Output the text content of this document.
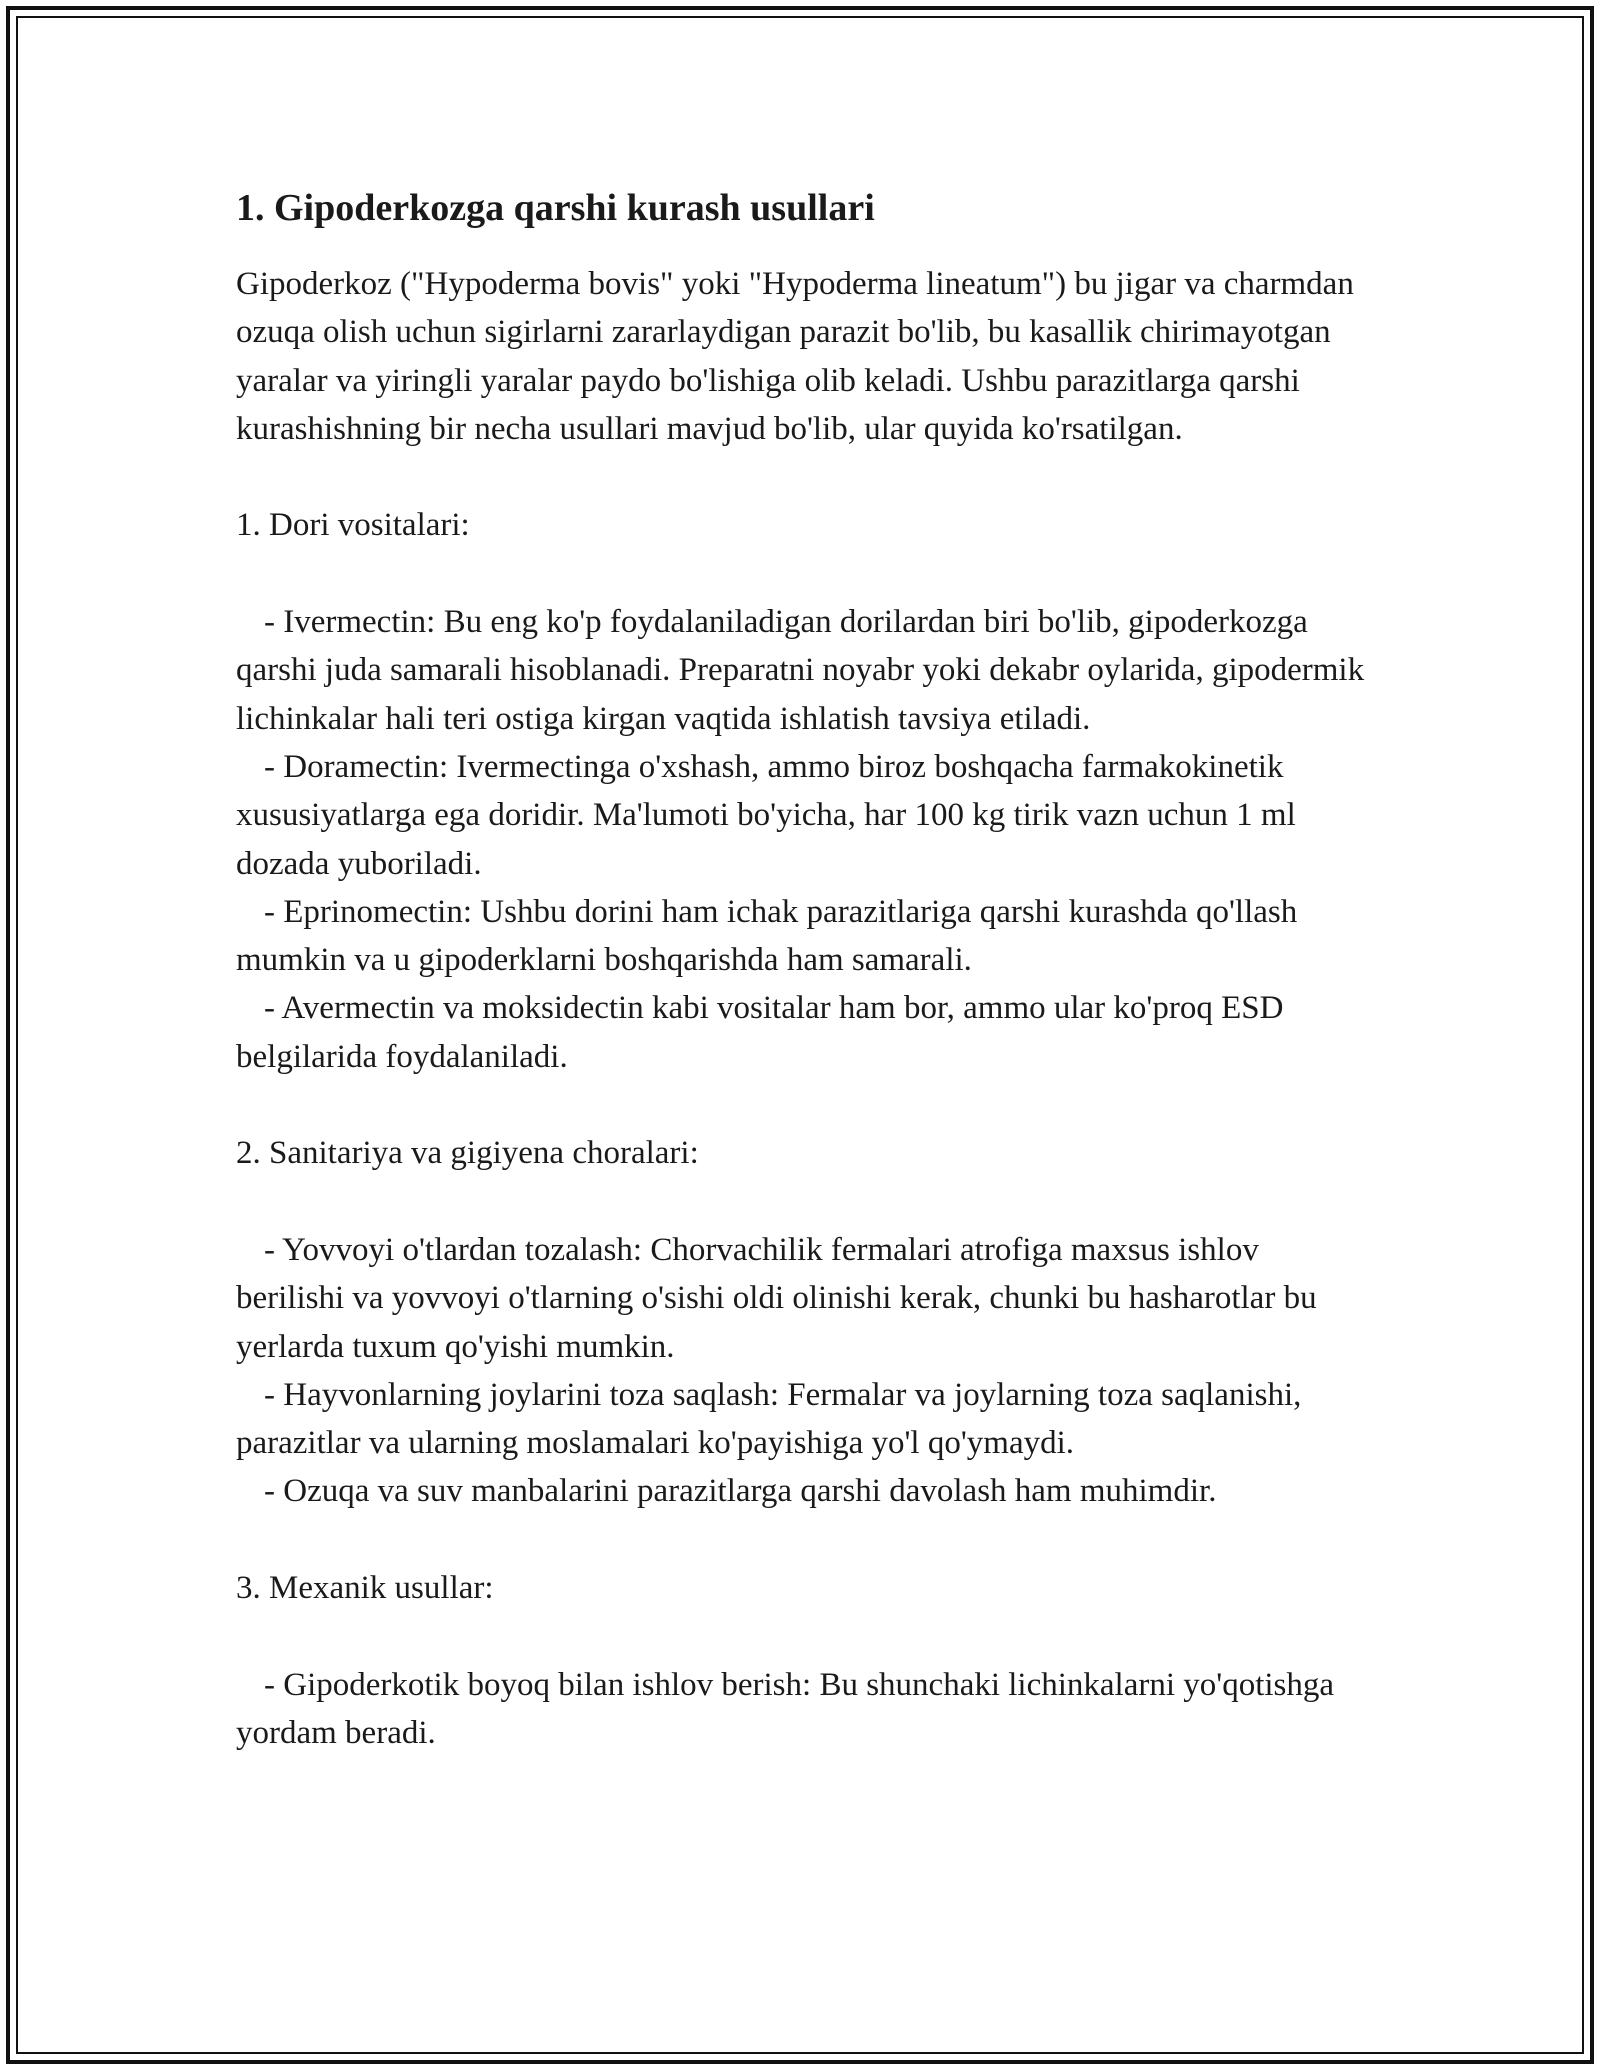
1. Gipoderkozga qarshi kurash usullari

Gipoderkoz ("Hypoderma bovis" yoki "Hypoderma lineatum") bu jigar va charmdan ozuqa olish uchun sigirlarni zararlaydigan parazit bo'lib, bu kasallik chirimayotgan yaralar va yiringli yaralar paydo bo'lishiga olib keladi. Ushbu parazitlarga qarshi kurashishning bir necha usullari mavjud bo'lib, ular quyida ko'rsatilgan.

1. Dori vositalari:

- Ivermectin: Bu eng ko'p foydalaniladigan dorilardan biri bo'lib, gipoderkozga qarshi juda samarali hisoblanadi. Preparatni noyabr yoki dekabr oylarida, gipodermik lichinkalar hali teri ostiga kirgan vaqtida ishlatish tavsiya etiladi.

- Doramectin: Ivermectinga o'xshash, ammo biroz boshqacha farmakokinetik xususiyatlarga ega doridir. Ma'lumoti bo'yicha, har 100 kg tirik vazn uchun 1 ml dozada yuboriladi.

- Eprinomectin: Ushbu dorini ham ichak parazitlariga qarshi kurashda qo'llash mumkin va u gipoderklarni boshqarishda ham samarali.

- Avermectin va moksidectin kabi vositalar ham bor, ammo ular ko'proq ESD belgilarida foydalaniladi.

2. Sanitariya va gigiyena choralari:

- Yovvoyi o'tlardan tozalash: Chorvachilik fermalari atrofiga maxsus ishlov berilishi va yovvoyi o'tlarning o'sishi oldi olinishi kerak, chunki bu hasharotlar bu yerlarda tuxum qo'yishi mumkin.

- Hayvonlarning joylarini toza saqlash: Fermalar va joylarning toza saqlanishi, parazitlar va ularning moslamalari ko'payishiga yo'l qo'ymaydi.

- Ozuqa va suv manbalarini parazitlarga qarshi davolash ham muhimdir.

3. Mexanik usullar:

- Gipoderkotik boyoq bilan ishlov berish: Bu shunchaki lichinkalarni yo'qotishga yordam beradi.
